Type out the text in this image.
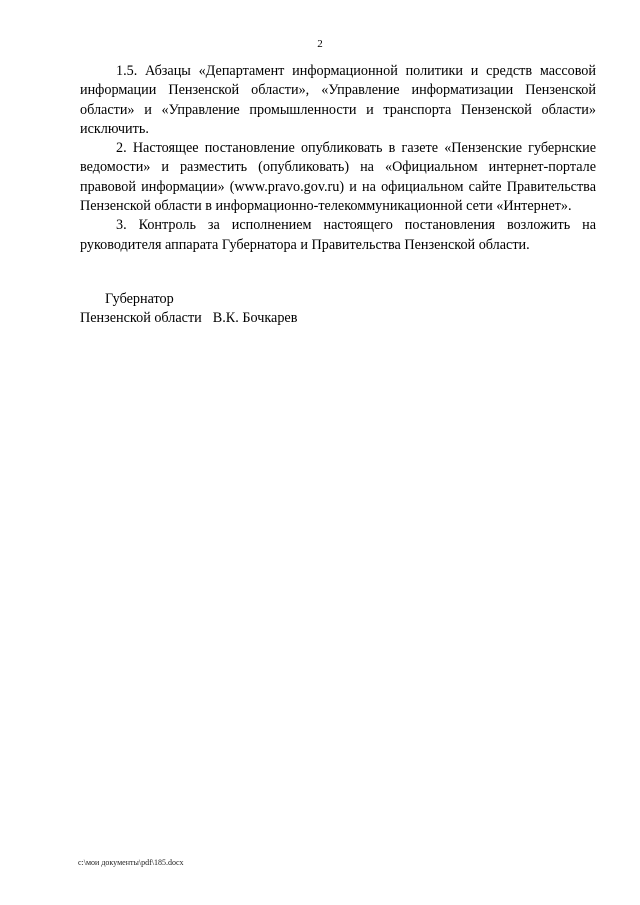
2

1.5. Абзацы «Департамент информационной политики и средств массовой информации Пензенской области», «Управление информатизации Пензенской области» и «Управление промышленности и транспорта Пензенской области» исключить.

2. Настоящее постановление опубликовать в газете «Пензенские губернские ведомости» и разместить (опубликовать) на «Официальном интернет-портале правовой информации» (www.pravo.gov.ru) и на официальном сайте Правительства Пензенской области в информационно-телекоммуникационной сети «Интернет».

3. Контроль за исполнением настоящего постановления возложить на руководителя аппарата Губернатора и Правительства Пензенской области.

Губернатор
Пензенской области В.К. Бочкарев
c:\мои документы\pdf\185.docx
